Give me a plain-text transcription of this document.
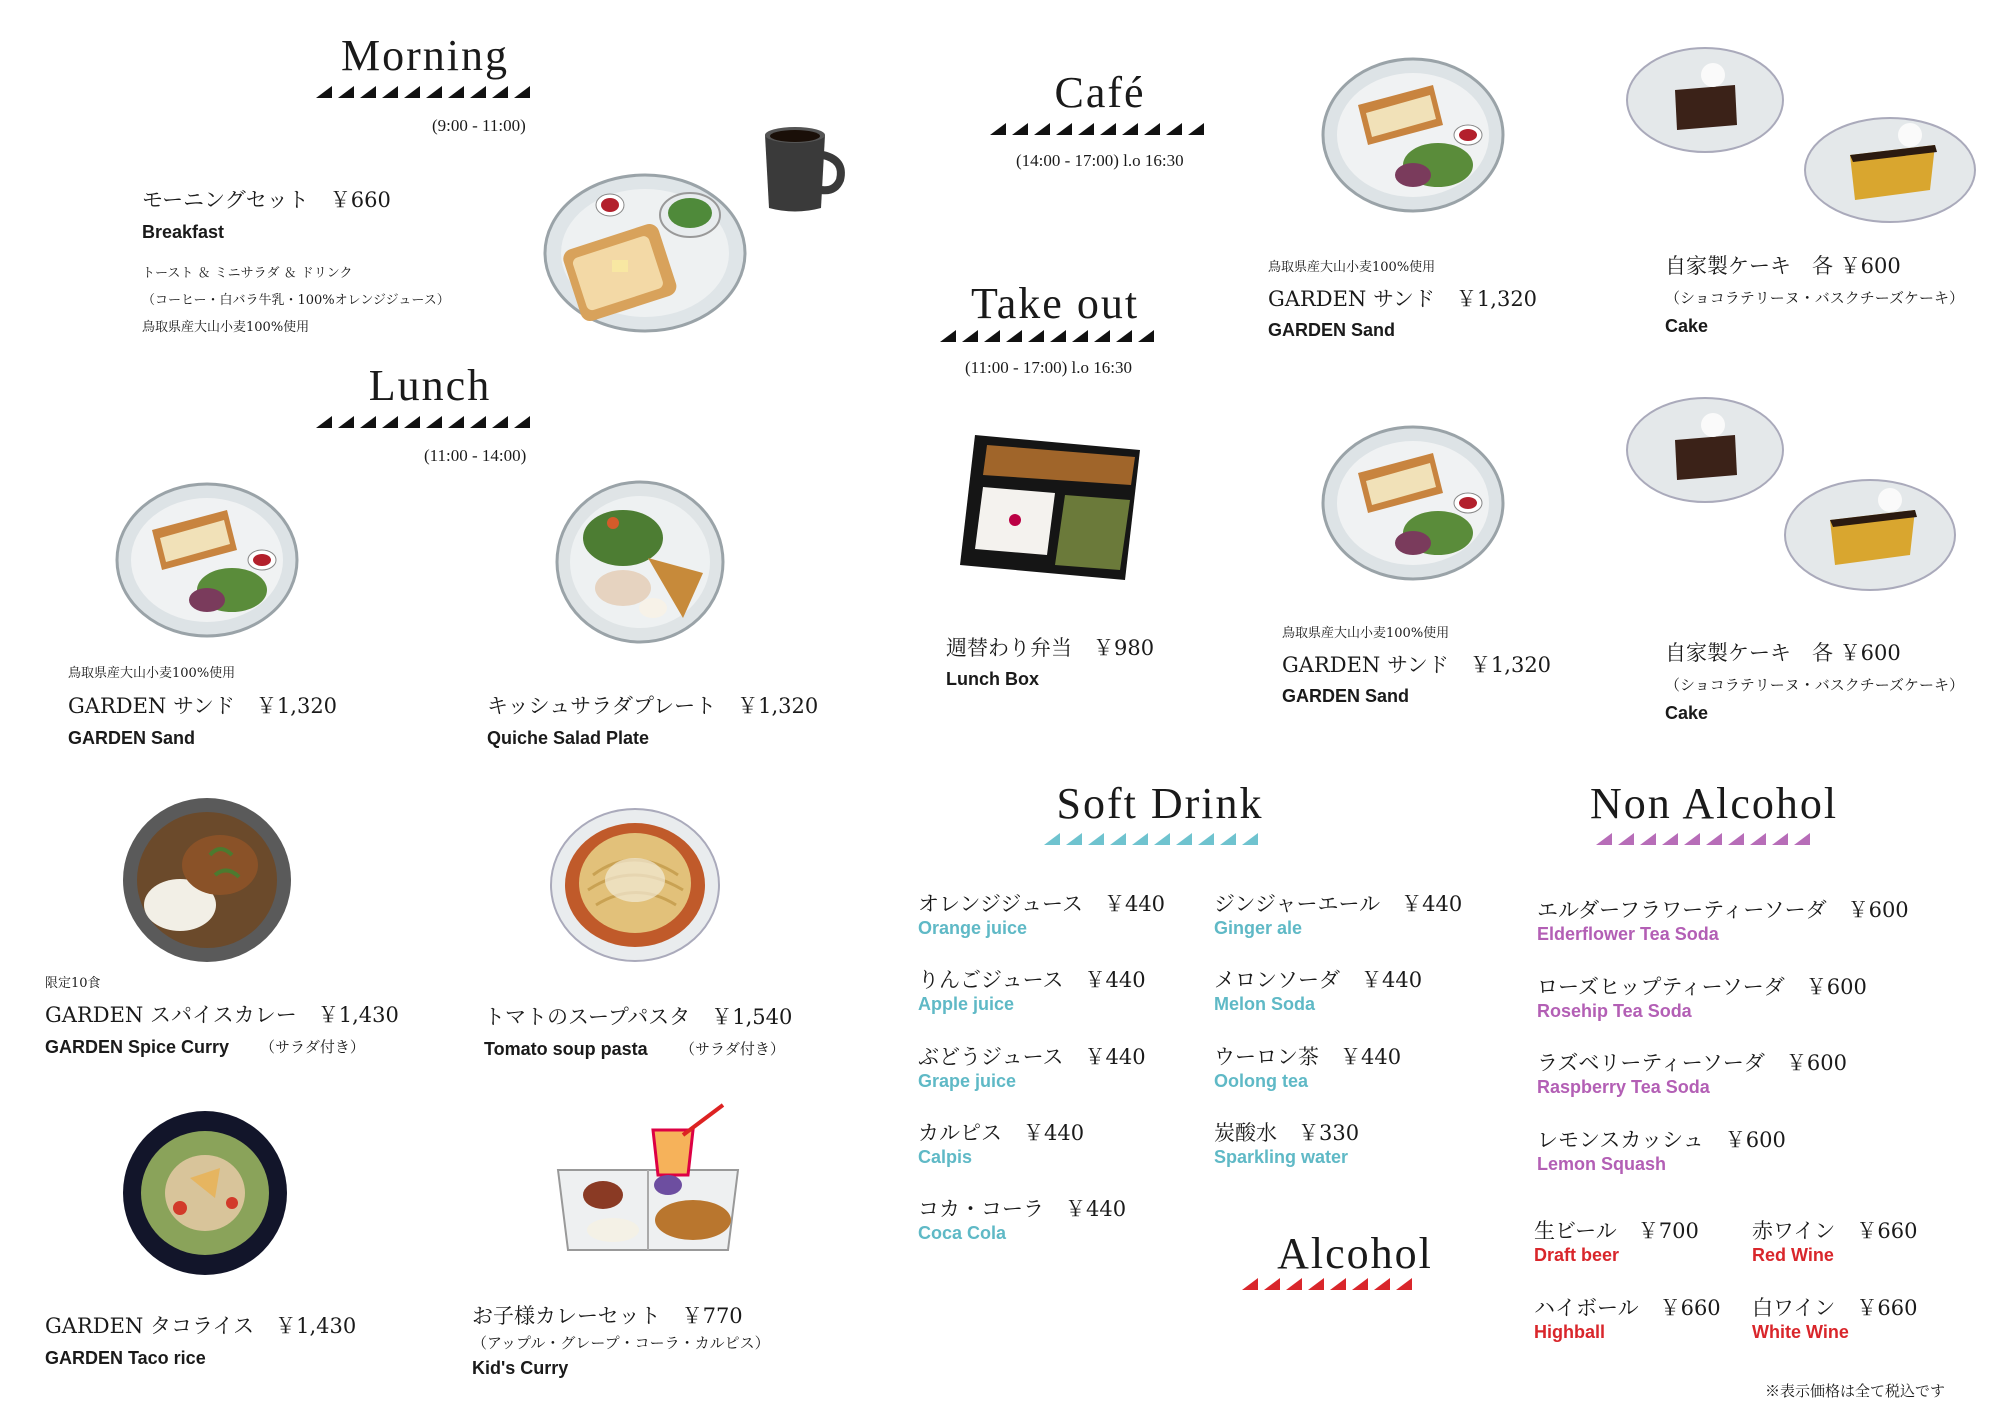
Morning
(9:00 - 11:00)
モーニングセット　￥660
Breakfast
トースト ＆ ミニサラダ ＆ ドリンク
（コーヒー・白バラ牛乳・100%オレンジジュース）
鳥取県産大山小麦100%使用
Lunch
(11:00 - 14:00)
鳥取県産大山小麦100%使用
GARDEN サンド　￥1,320
GARDEN Sand
キッシュサラダプレート　￥1,320
Quiche Salad Plate
限定10食
GARDEN スパイスカレー　￥1,430
GARDEN Spice Curry （サラダ付き）
トマトのスープパスタ　￥1,540
Tomato soup pasta （サラダ付き）
GARDEN タコライス　￥1,430
GARDEN Taco rice
お子様カレーセット　￥770
（アップル・グレープ・コーラ・カルピス）
Kid's Curry
Café
(14:00 - 17:00) l.o 16:30
鳥取県産大山小麦100%使用
GARDEN サンド　￥1,320
GARDEN Sand
自家製ケーキ　各 ￥600
（ショコラテリーヌ・バスクチーズケーキ）
Cake
Take out
(11:00 - 17:00) l.o 16:30
週替わり弁当　￥980
Lunch Box
鳥取県産大山小麦100%使用
GARDEN サンド　￥1,320
GARDEN Sand
自家製ケーキ　各 ￥600
（ショコラテリーヌ・バスクチーズケーキ）
Cake
Soft Drink
オレンジジュース　￥440
Orange juice
りんごジュース　￥440
Apple juice
ぶどうジュース　￥440
Grape juice
カルピス　￥440
Calpis
コカ・コーラ　￥440
Coca Cola
ジンジャーエール　￥440
Ginger ale
メロンソーダ　￥440
Melon Soda
ウーロン茶　￥440
Oolong tea
炭酸水　￥330
Sparkling water
Non Alcohol
エルダーフラワーティーソーダ　￥600
Elderflower Tea Soda
ローズヒップティーソーダ　￥600
Rosehip Tea Soda
ラズベリーティーソーダ　￥600
Raspberry Tea Soda
レモンスカッシュ　￥600
Lemon Squash
Alcohol	生ビール　￥700
Draft beer
赤ワイン　￥660
Red Wine
ハイボール　￥660
Highball
白ワイン　￥660
White Wine
※表示価格は全て税込です
